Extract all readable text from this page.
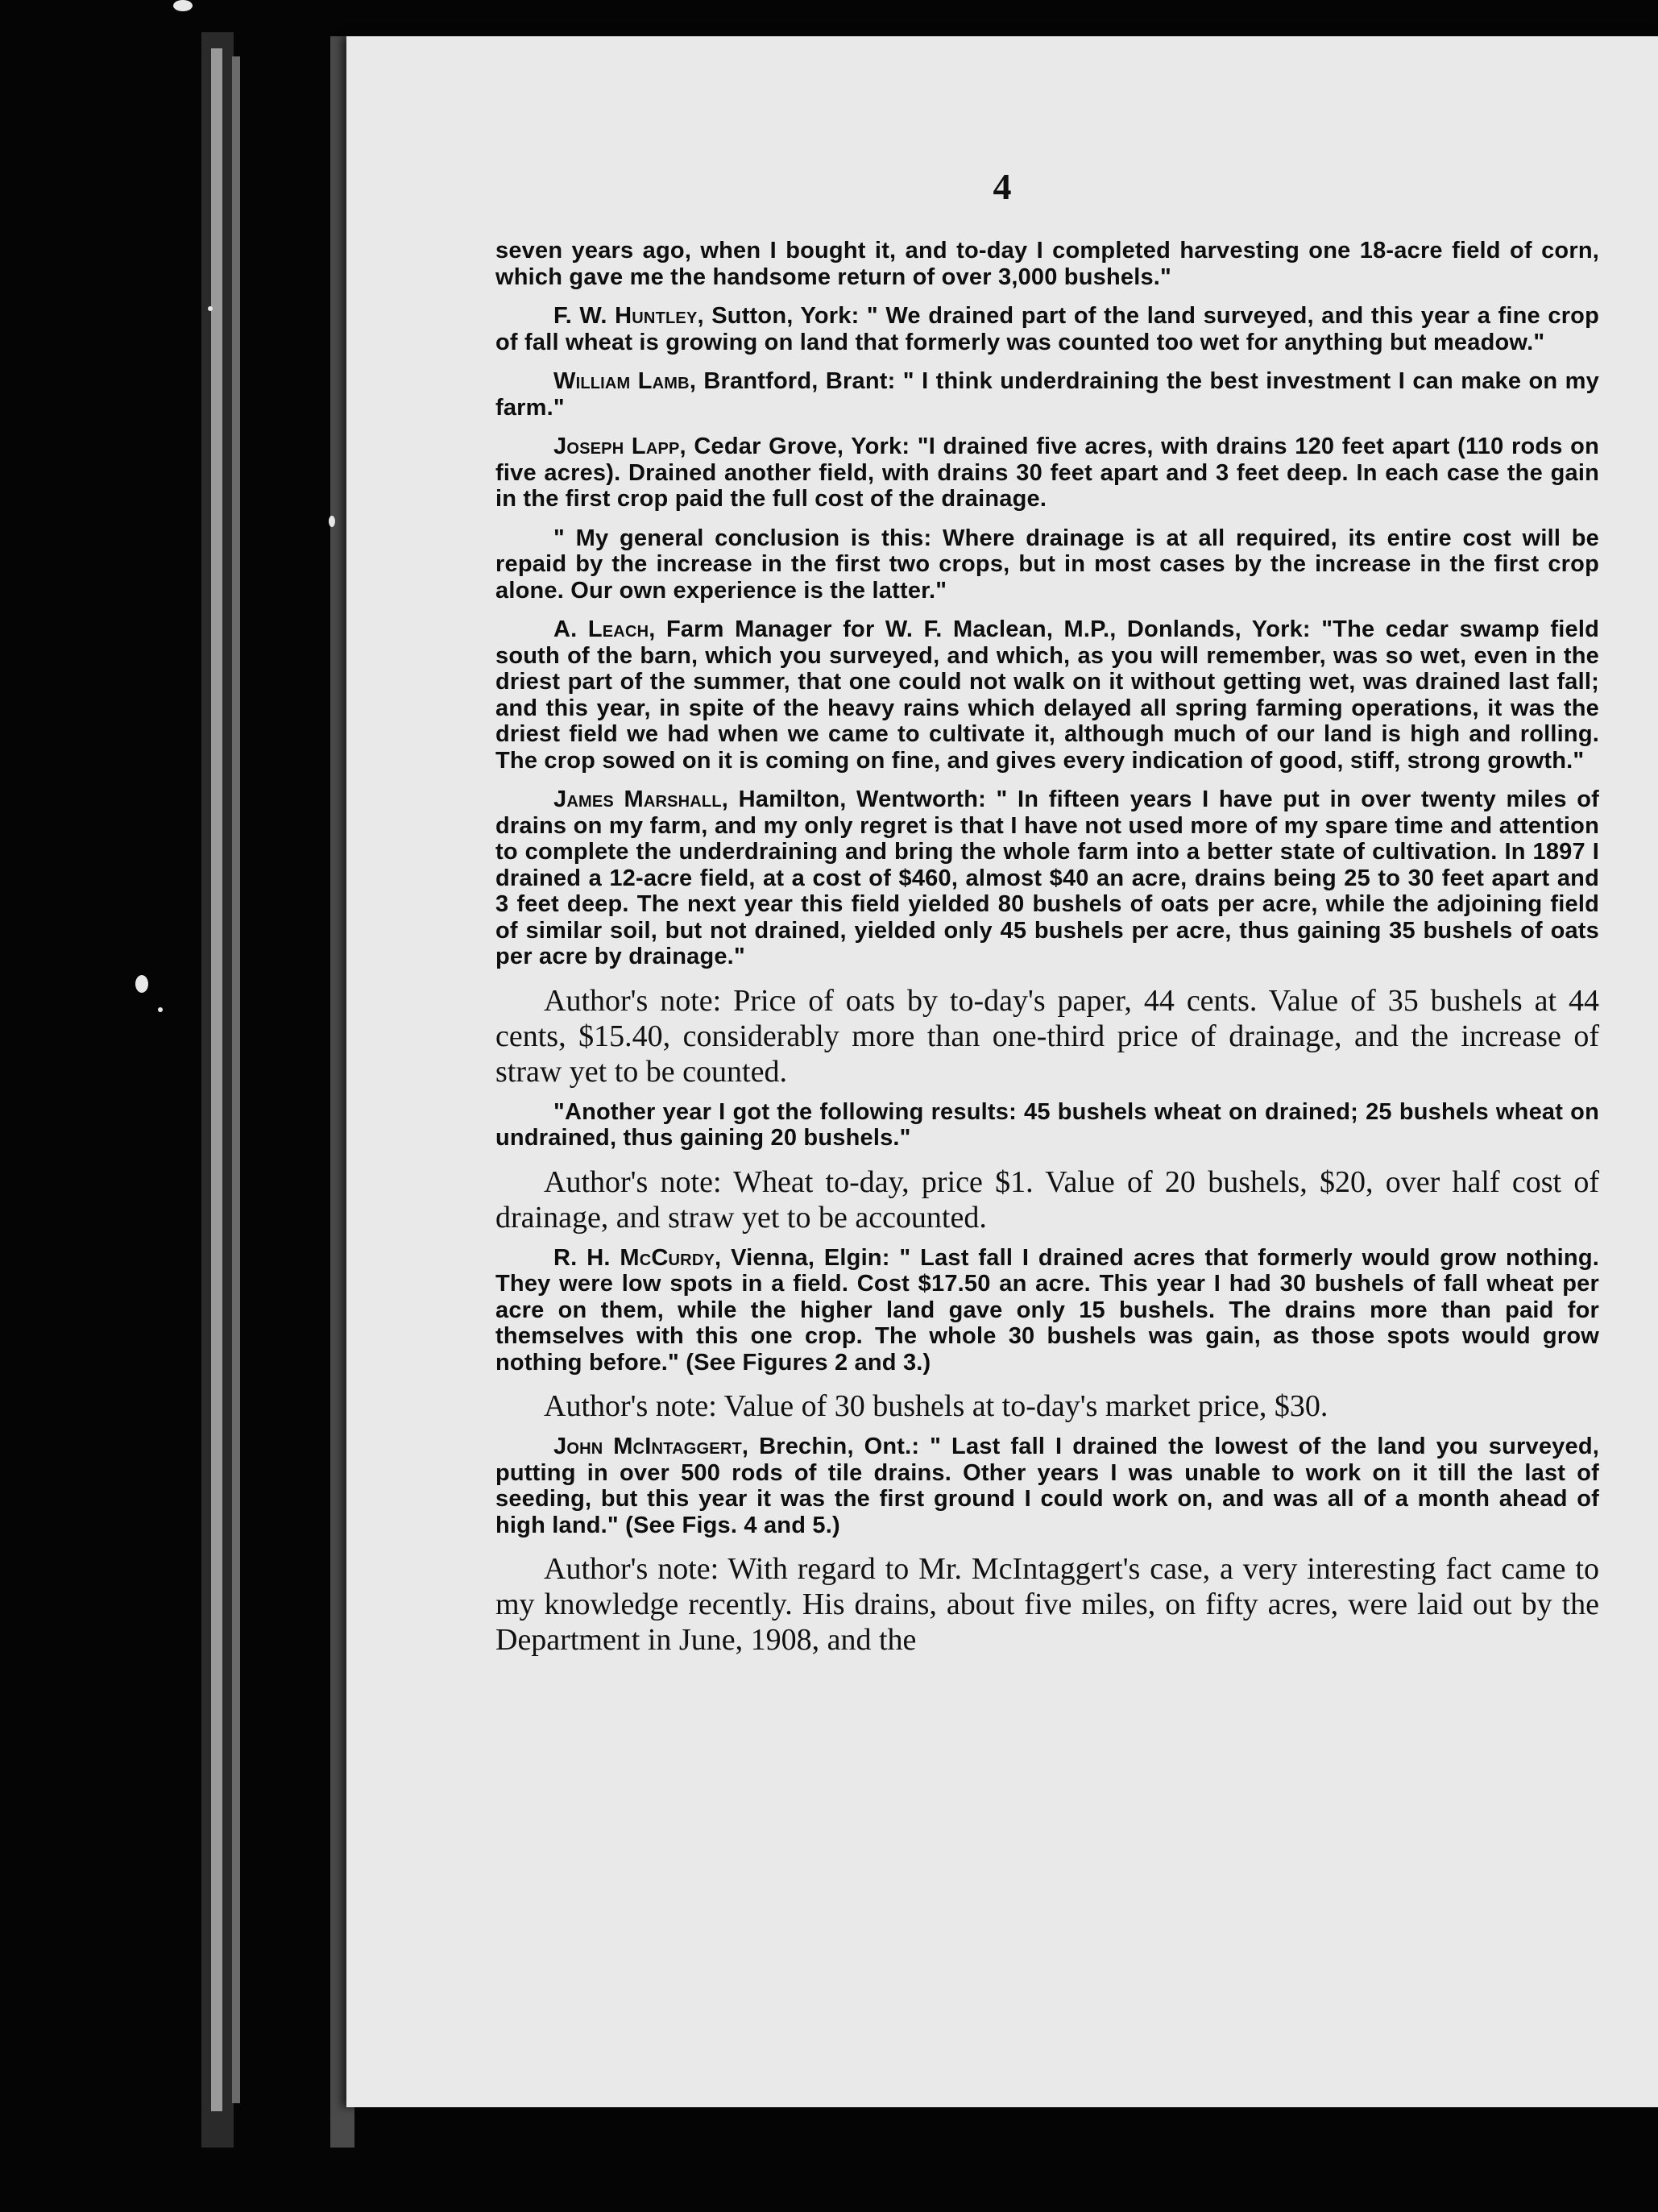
4

seven years ago, when I bought it, and to-day I completed harvesting one 18-acre field of corn, which gave me the handsome return of over 3,000 bushels."

F. W. Huntley, Sutton, York: " We drained part of the land surveyed, and this year a fine crop of fall wheat is growing on land that formerly was counted too wet for anything but meadow."

William Lamb, Brantford, Brant: " I think underdraining the best investment I can make on my farm."

Joseph Lapp, Cedar Grove, York: "I drained five acres, with drains 120 feet apart (110 rods on five acres). Drained another field, with drains 30 feet apart and 3 feet deep. In each case the gain in the first crop paid the full cost of the drainage.

" My general conclusion is this: Where drainage is at all required, its entire cost will be repaid by the increase in the first two crops, but in most cases by the increase in the first crop alone. Our own experience is the latter."

A. Leach, Farm Manager for W. F. Maclean, M.P., Donlands, York: "The cedar swamp field south of the barn, which you surveyed, and which, as you will remember, was so wet, even in the driest part of the summer, that one could not walk on it without getting wet, was drained last fall; and this year, in spite of the heavy rains which delayed all spring farming operations, it was the driest field we had when we came to cultivate it, although much of our land is high and rolling. The crop sowed on it is coming on fine, and gives every indication of good, stiff, strong growth."

James Marshall, Hamilton, Wentworth: " In fifteen years I have put in over twenty miles of drains on my farm, and my only regret is that I have not used more of my spare time and attention to complete the underdraining and bring the whole farm into a better state of cultivation. In 1897 I drained a 12-acre field, at a cost of $460, almost $40 an acre, drains being 25 to 30 feet apart and 3 feet deep. The next year this field yielded 80 bushels of oats per acre, while the adjoining field of similar soil, but not drained, yielded only 45 bushels per acre, thus gaining 35 bushels of oats per acre by drainage."

Author's note: Price of oats by to-day's paper, 44 cents. Value of 35 bushels at 44 cents, $15.40, considerably more than one-third price of drainage, and the increase of straw yet to be counted.

"Another year I got the following results: 45 bushels wheat on drained; 25 bushels wheat on undrained, thus gaining 20 bushels."

Author's note: Wheat to-day, price $1. Value of 20 bushels, $20, over half cost of drainage, and straw yet to be accounted.

R. H. McCurdy, Vienna, Elgin: " Last fall I drained acres that formerly would grow nothing. They were low spots in a field. Cost $17.50 an acre. This year I had 30 bushels of fall wheat per acre on them, while the higher land gave only 15 bushels. The drains more than paid for themselves with this one crop. The whole 30 bushels was gain, as those spots would grow nothing before." (See Figures 2 and 3.)

Author's note: Value of 30 bushels at to-day's market price, $30.

John McIntaggert, Brechin, Ont.: " Last fall I drained the lowest of the land you surveyed, putting in over 500 rods of tile drains. Other years I was unable to work on it till the last of seeding, but this year it was the first ground I could work on, and was all of a month ahead of high land." (See Figs. 4 and 5.)

Author's note: With regard to Mr. McIntaggert's case, a very interesting fact came to my knowledge recently. His drains, about five miles, on fifty acres, were laid out by the Department in June, 1908, and the
